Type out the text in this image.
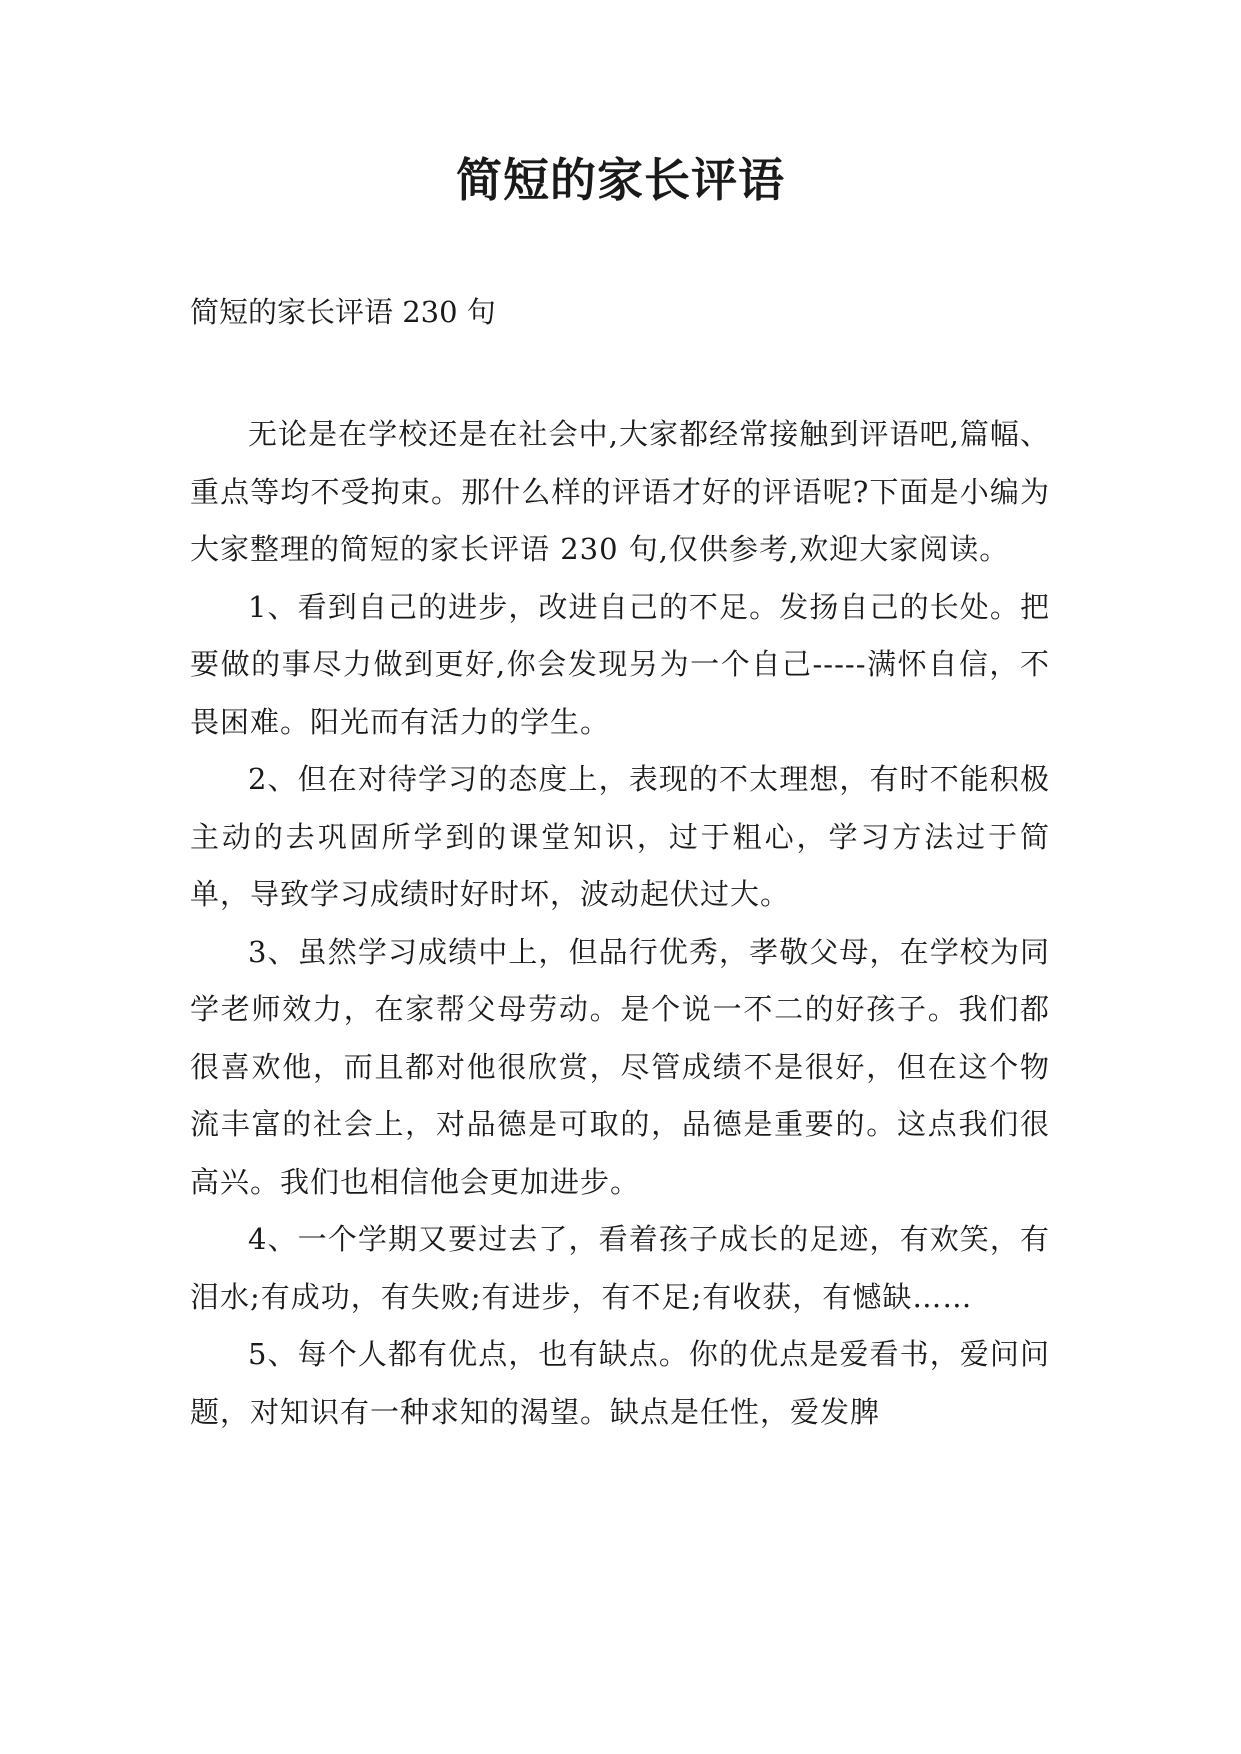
简短的家长评语

简短的家长评语 230 句

无论是在学校还是在社会中,大家都经常接触到评语吧,篇幅、重点等均不受拘束。那什么样的评语才好的评语呢?下面是小编为大家整理的简短的家长评语 230 句,仅供参考,欢迎大家阅读。

1、看到自己的进步，改进自己的不足。发扬自己的长处。把要做的事尽力做到更好,你会发现另为一个自己-----满怀自信，不畏困难。阳光而有活力的学生。

2、但在对待学习的态度上，表现的不太理想，有时不能积极主动的去巩固所学到的课堂知识，过于粗心，学习方法过于简单，导致学习成绩时好时坏，波动起伏过大。

3、虽然学习成绩中上，但品行优秀，孝敬父母，在学校为同学老师效力，在家帮父母劳动。是个说一不二的好孩子。我们都很喜欢他，而且都对他很欣赏，尽管成绩不是很好，但在这个物流丰富的社会上，对品德是可取的，品德是重要的。这点我们很高兴。我们也相信他会更加进步。

4、一个学期又要过去了，看着孩子成长的足迹，有欢笑，有泪水;有成功，有失败;有进步，有不足;有收获，有憾缺……

5、每个人都有优点，也有缺点。你的优点是爱看书，爱问问题，对知识有一种求知的渴望。缺点是任性，爱发脾
